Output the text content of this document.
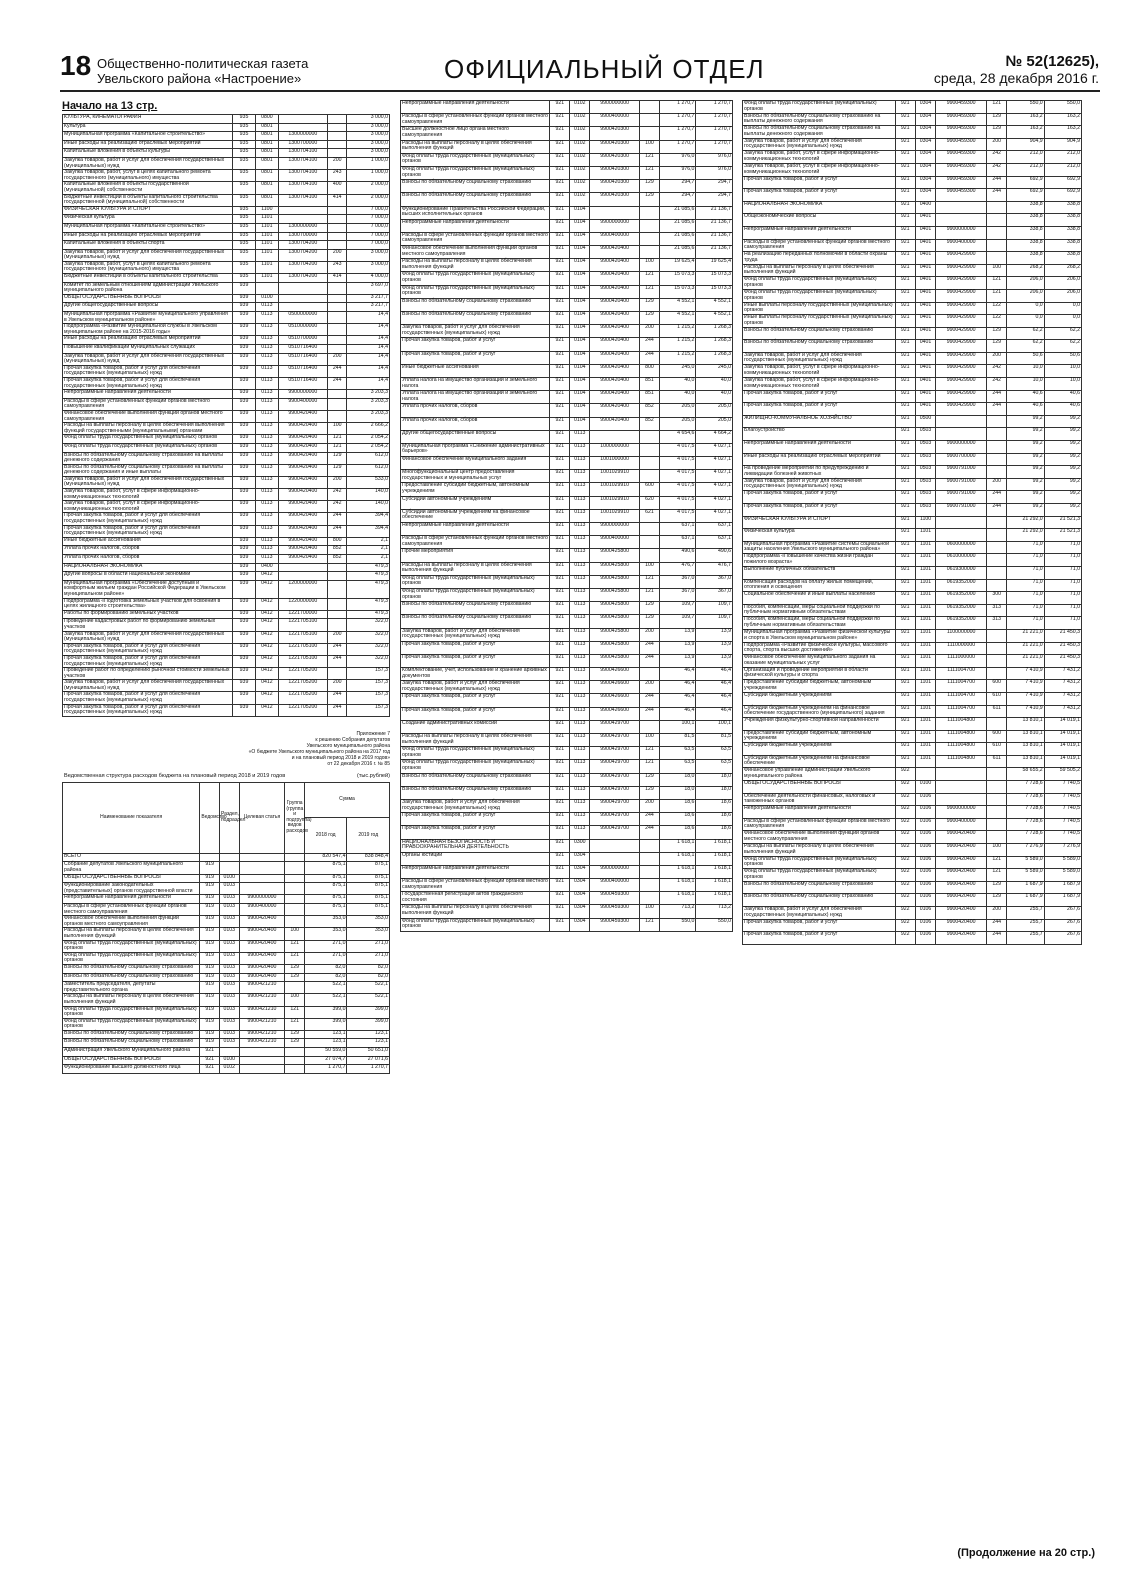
18 Общественно-политическая газета
Увельского района «Настроение»	ОФИЦИАЛЬНЫЙ ОТДЕЛ	№ 52(12625),
среда, 28 декабря 2016 г.
Начало на 13 стр.
КУЛЬТУРА, КИНЕМАТОГРАФИЯ	935	0800			3 000,0
Культура	935	0801			3 000,0
Муниципальная программа «Капитальное строительство»	935	0801	1300000000		3 000,0
Иные расходы на реализацию отраслевых мероприятий	935	0801	1300700000		3 000,0
Капитальные вложения в объекты культуры	935	0801	1300704100		3 000,0
Закупка товаров, работ и услуг для обеспечения государственных (муниципальных) нужд	935	0801	1300704100	200	1 000,0
Закупка товаров, работ, услуг в целях капитального ремонта государственного (муниципального) имущества	935	0801	1300704100	243	1 000,0
Капитальные вложения в объекты государственной (муниципальной) собственности	935	0801	1300704100	400	2 000,0
Бюджетные инвестиции в объекты капитального строительства государственной (муниципальной) собственности	935	0801	1300704100	414	2 000,0
ФИЗИЧЕСКАЯ КУЛЬТУРА И СПОРТ	935	1100			7 000,0
Физическая культура	935	1101			7 000,0
Муниципальная программа «Капитальное строительство»	935	1101	1300000000		7 000,0
Иные расходы на реализацию отраслевых мероприятий	935	1101	1300700000		7 000,0
Капитальные вложения в объекты спорта	935	1101	1300704200		7 000,0
Закупка товаров, работ и услуг для обеспечения государственных (муниципальных) нужд	935	1101	1300704200	200	3 000,0
Закупка товаров, работ, услуг в целях капитального ремонта государственного (муниципального) имущества	935	1101	1300704200	243	3 000,0
Бюджетные инвестиции в объекты капитального строительства	935	1101	1300704200	414	4 000,0
Комитет по земельным отношениям администрации Увельского муниципального района	939				3 697,0
ОБЩЕГОСУДАРСТВЕННЫЕ ВОПРОСЫ	939	0100			3 217,7
Другие общегосударственные вопросы	939	0113			3 217,7
Муниципальная программа «Развитие муниципального управления в Увельском муниципальном районе»	939	0113	0500000000		14,4
Подпрограмма «Развитие муниципальной службы в Увельском муниципальном районе на 2015-2016 годы»	939	0113	0510000000		14,4
Иные расходы на реализацию отраслевых мероприятий	939	0113	0510700000		14,4
Повышение квалификации муниципальных служащих	939	0113	0510716400		14,4
Закупка товаров, работ и услуг для обеспечения государственных (муниципальных) нужд	939	0113	0510716400	200	14,4
Прочая закупка товаров, работ и услуг для обеспечения государственных (муниципальных) нужд	939	0113	0510716400	244	14,4
Прочая закупка товаров, работ и услуг для обеспечения государственных (муниципальных) нужд	939	0113	0510716400	244	14,4
Непрограммные направления деятельности	939	0113	9900000000		3 203,3
Расходы в сфере установленных функций органов местного самоуправления	939	0113	9900400000		3 203,3
Финансовое обеспечение выполнения функций органов местного самоуправления	939	0113	9900420400		3 203,3
Расходы на выплаты персоналу в целях обеспечения выполнения функций государственными (муниципальными) органами	939	0113	9900420400	100	2 666,2
Фонд оплаты труда государственных (муниципальных) органов	939	0113	9900420400	121	2 054,2
Фонд оплаты труда государственных (муниципальных) органов	939	0113	9900420400	121	2 054,2
Взносы по обязательному социальному страхованию на выплаты денежного содержания	939	0113	9900420400	129	612,0
Взносы по обязательному социальному страхованию на выплаты денежного содержания и иные выплаты	939	0113	9900420400	129	612,0
Закупка товаров, работ и услуг для обеспечения государственных (муниципальных) нужд	939	0113	9900420400	200	533,0
Закупка товаров, работ, услуг в сфере информационно-коммуникационных технологий	939	0113	9900420400	242	140,0
Закупка товаров, работ, услуг в сфере информационно-коммуникационных технологий	939	0113	9900420400	242	140,0
Прочая закупка товаров, работ и услуг для обеспечения государственных (муниципальных) нужд	939	0113	9900420400	244	394,4
Прочая закупка товаров, работ и услуг для обеспечения государственных (муниципальных) нужд	939	0113	9900420400	244	394,4
Иные бюджетные ассигнования	939	0113	9900420400	800	2,1
Уплата прочих налогов, сборов	939	0113	9900420400	852	2,1
Уплата прочих налогов, сборов	939	0113	9900420400	852	2,1
НАЦИОНАЛЬНАЯ ЭКОНОМИКА	939	0400			479,3
Другие вопросы в области национальной экономики	939	0412			479,3
Муниципальная программа «Обеспечение доступным и комфортным жильем граждан Российской Федерации в Увельском муниципальном районе»	939	0412	1200000000		479,3
Подпрограмма «Подготовка земельных участков для освоения в целях жилищного строительства»	939	0412	1220000000		479,3
Работы по формированию земельных участков	939	0412	1221700000		479,3
Проведение кадастровых работ по формированию земельных участков	939	0412	1221705100		322,0
Закупка товаров, работ и услуг для обеспечения государственных (муниципальных) нужд	939	0412	1221705100	200	322,0
Прочая закупка товаров, работ и услуг для обеспечения государственных (муниципальных) нужд	939	0412	1221705100	244	322,0
Прочая закупка товаров, работ и услуг для обеспечения государственных (муниципальных) нужд	939	0412	1221705100	244	322,0
Проведение работ по определению рыночной стоимости земельных участков	939	0412	1221705200		157,3
Закупка товаров, работ и услуг для обеспечения государственных (муниципальных) нужд	939	0412	1221705200	200	157,3
Прочая закупка товаров, работ и услуг для обеспечения государственных (муниципальных) нужд	939	0412	1221705200	244	157,3
Прочая закупка товаров, работ и услуг для обеспечения государственных (муниципальных) нужд	939	0412	1221705200	244	157,3
Приложение 7
к решению Собрания депутатов
Увельского муниципального района
«О бюджете Увельского муниципального района на 2017 год
и на плановый период 2018 и 2019 годов»
от 22 декабря 2016 г. № 85
Ведомственная структура расходов бюджета на плановый период 2018 и 2019 годов	(тыс.рублей)
Наименование показателя	Ведомство	Раздел, подраздел	Целевая статья	Группа (группа и подгруппа) видов расходов	Сумма	
					2018 год	2019 год
ВСЕГО					820 547,4	838 848,4
Собрание депутатов Увельского муниципального района	919				875,1	875,1
ОБЩЕГОСУДАРСТВЕННЫЕ ВОПРОСЫ	919	0100			875,1	875,1
Функционирование законодательных (представительных) органов государственной власти	919	0103			875,1	875,1
Непрограммные направления деятельности	919	0103	9900000000		875,1	875,1
Расходы в сфере установленных функций органов местного самоуправления	919	0103	9900400000		875,1	875,1
Финансовое обеспечение выполнения функций органов местного самоуправления	919	0103	9900420400		353,0	353,0
Расходы на выплаты персоналу в целях обеспечения выполнения функций	919	0103	9900420400	100	353,0	353,0
Фонд оплаты труда государственных (муниципальных) органов	919	0103	9900420400	121	271,0	271,0
Фонд оплаты труда государственных (муниципальных) органов	919	0103	9900420400	121	271,0	271,0
Взносы по обязательному социальному страхованию	919	0103	9900420400	129	82,0	82,0
Взносы по обязательному социальному страхованию	919	0103	9900420400	129	82,0	82,0
Заместитель председателя, депутаты представительного органа	919	0103	9900421210		522,1	522,1
Расходы на выплаты персоналу в целях обеспечения выполнения функций	919	0103	9900421210	100	522,1	522,1
Фонд оплаты труда государственных (муниципальных) органов	919	0103	9900421210	121	399,0	399,0
Фонд оплаты труда государственных (муниципальных) органов	919	0103	9900421210	121	399,0	399,0
Взносы по обязательному социальному страхованию	919	0103	9900421210	129	123,1	123,1
Взносы по обязательному социальному страхованию	919	0103	9900421210	129	123,1	123,1
Администрация Увельского муниципального района	921				50 559,0	50 651,0
ОБЩЕГОСУДАРСТВЕННЫЕ ВОПРОСЫ	921	0100			27 074,7	27 071,6
Функционирование высшего должностного лица	921	0102			1 270,7	1 270,7
Непрограммные направления деятельности	921	0102	9900000000		1 270,7	1 270,7
Расходы в сфере установленных функций органов местного самоуправления	921	0102	9900400000		1 270,7	1 270,7
Высшее должностное лицо органа местного самоуправления	921	0102	9900420300		1 270,7	1 270,7
Расходы на выплаты персоналу в целях обеспечения выполнения функций	921	0102	9900420300	100	1 270,7	1 270,7
Фонд оплаты труда государственных (муниципальных) органов	921	0102	9900420300	121	976,0	976,0
Фонд оплаты труда государственных (муниципальных) органов	921	0102	9900420300	121	976,0	976,0
Взносы по обязательному социальному страхованию	921	0102	9900420300	129	294,7	294,7
Взносы по обязательному социальному страхованию	921	0102	9900420300	129	294,7	294,7
Функционирование Правительства Российской Федерации, высших исполнительных органов	921	0104			21 085,6	21 136,7
Непрограммные направления деятельности	921	0104	9900000000		21 085,6	21 136,7
Расходы в сфере установленных функций органов местного самоуправления	921	0104	9900400000		21 085,6	21 136,7
Финансовое обеспечение выполнения функций органов местного самоуправления	921	0104	9900420400		21 085,6	21 136,7
Расходы на выплаты персоналу в целях обеспечения выполнения функций	921	0104	9900420400	100	19 625,4	19 625,4
Фонд оплаты труда государственных (муниципальных) органов	921	0104	9900420400	121	15 073,3	15 073,3
Фонд оплаты труда государственных (муниципальных) органов	921	0104	9900420400	121	15 073,3	15 073,3
Взносы по обязательному социальному страхованию	921	0104	9900420400	129	4 552,1	4 552,1
Взносы по обязательному социальному страхованию	921	0104	9900420400	129	4 552,1	4 552,1
Закупка товаров, работ и услуг для обеспечения государственных (муниципальных) нужд	921	0104	9900420400	200	1 215,2	1 268,3
Прочая закупка товаров, работ и услуг	921	0104	9900420400	244	1 215,2	1 268,3
Прочая закупка товаров, работ и услуг	921	0104	9900420400	244	1 215,2	1 268,3
Иные бюджетные ассигнования	921	0104	9900420400	800	245,0	245,0
Уплата налога на имущество организаций и земельного налога	921	0104	9900420400	851	40,0	40,0
Уплата налога на имущество организаций и земельного налога	921	0104	9900420400	851	40,0	40,0
Уплата прочих налогов, сборов	921	0104	9900420400	852	205,0	205,0
Уплата прочих налогов, сборов	921	0104	9900420400	852	205,0	205,0
Другие общегосударственные вопросы	921	0113			4 654,6	4 664,2
Муниципальная программа «Снижение административных барьеров»	921	0113	1000000000		4 017,5	4 027,1
Финансовое обеспечение муниципального задания	921	0113	1001000000		4 017,5	4 027,1
Многофункциональный центр предоставления государственных и муниципальных услуг	921	0113	1001029910		4 017,5	4 027,1
Предоставление субсидий бюджетным, автономным учреждениям	921	0113	1001029910	600	4 017,5	4 027,1
Субсидии автономным учреждениям	921	0113	1001029910	620	4 017,5	4 027,1
Субсидии автономным учреждениям на финансовое обеспечение	921	0113	1001029910	621	4 017,5	4 027,1
Непрограммные направления деятельности	921	0113	9900000000		637,1	637,1
Расходы в сфере установленных функций органов местного самоуправления	921	0113	9900400000		637,1	637,1
Прочие мероприятия	921	0113	9900425800		490,6	490,6
Расходы на выплаты персоналу в целях обеспечения выполнения функций	921	0113	9900425800	100	476,7	476,7
Фонд оплаты труда государственных (муниципальных) органов	921	0113	9900425800	121	367,0	367,0
Фонд оплаты труда государственных (муниципальных) органов	921	0113	9900425800	121	367,0	367,0
Взносы по обязательному социальному страхованию	921	0113	9900425800	129	109,7	109,7
Взносы по обязательному социальному страхованию	921	0113	9900425800	129	109,7	109,7
Закупка товаров, работ и услуг для обеспечения государственных (муниципальных) нужд	921	0113	9900425800	200	13,9	13,9
Прочая закупка товаров, работ и услуг	921	0113	9900425800	244	13,9	13,9
Прочая закупка товаров, работ и услуг	921	0113	9900425800	244	13,9	13,9
Комплектование, учет, использование и хранение архивных документов	921	0113	9900426600		46,4	46,4
Закупка товаров, работ и услуг для обеспечения государственных (муниципальных) нужд	921	0113	9900426600	200	46,4	46,4
Прочая закупка товаров, работ и услуг	921	0113	9900426600	244	46,4	46,4
Прочая закупка товаров, работ и услуг	921	0113	9900426600	244	46,4	46,4
Создание административных комиссий	921	0113	9900429700		100,1	100,1
Расходы на выплаты персоналу в целях обеспечения выполнения функций	921	0113	9900429700	100	81,5	81,5
Фонд оплаты труда государственных (муниципальных) органов	921	0113	9900429700	121	63,5	63,5
Фонд оплаты труда государственных (муниципальных) органов	921	0113	9900429700	121	63,5	63,5
Взносы по обязательному социальному страхованию	921	0113	9900429700	129	18,0	18,0
Взносы по обязательному социальному страхованию	921	0113	9900429700	129	18,0	18,0
Закупка товаров, работ и услуг для обеспечения государственных (муниципальных) нужд	921	0113	9900429700	200	18,6	18,6
Прочая закупка товаров, работ и услуг	921	0113	9900429700	244	18,6	18,6
Прочая закупка товаров, работ и услуг	921	0113	9900429700	244	18,6	18,6
НАЦИОНАЛЬНАЯ БЕЗОПАСНОСТЬ И ПРАВООХРАНИТЕЛЬНАЯ ДЕЯТЕЛЬНОСТЬ	921	0300			1 618,1	1 618,1
Органы юстиции	921	0304			1 618,1	1 618,1
Непрограммные направления деятельности	921	0304	9900000000		1 618,1	1 618,1
Расходы в сфере установленных функций органов местного самоуправления	921	0304	9900400000		1 618,1	1 618,1
Государственная регистрация актов гражданского состояния	921	0304	9900459300		1 618,1	1 618,1
Расходы на выплаты персоналу в целях обеспечения выполнения функций	921	0304	9900459300	100	713,2	713,2
Фонд оплаты труда государственных (муниципальных) органов	921	0304	9900459300	121	550,0	550,0
Фонд оплаты труда государственных (муниципальных) органов	921	0304	9900459300	121	550,0	550,0
Взносы по обязательному социальному страхованию на выплаты денежного содержания	921	0304	9900459300	129	163,2	163,2
Взносы по обязательному социальному страхованию на выплаты денежного содержания	921	0304	9900459300	129	163,2	163,2
Закупка товаров, работ и услуг для обеспечения государственных (муниципальных) нужд	921	0304	9900459300	200	904,9	904,9
Закупка товаров, работ, услуг в сфере информационно-коммуникационных технологий	921	0304	9900459300	242	212,0	212,0
Закупка товаров, работ, услуг в сфере информационно-коммуникационных технологий	921	0304	9900459300	242	212,0	212,0
Прочая закупка товаров, работ и услуг	921	0304	9900459300	244	692,9	692,9
Прочая закупка товаров, работ и услуг	921	0304	9900459300	244	692,9	692,9
НАЦИОНАЛЬНАЯ ЭКОНОМИКА	921	0400			338,8	338,8
Общеэкономические вопросы	921	0401			338,8	338,8
Непрограммные направления деятельности	921	0401	9900000000		338,8	338,8
Расходы в сфере установленных функций органов местного самоуправления	921	0401	9900400000		338,8	338,8
На реализацию переданных полномочий в области охраны труда	921	0401	9900429900		338,8	338,8
Расходы на выплаты персоналу в целях обеспечения выполнения функций	921	0401	9900429900	100	268,2	268,2
Фонд оплаты труда государственных (муниципальных) органов	921	0401	9900429900	121	206,0	206,0
Фонд оплаты труда государственных (муниципальных) органов	921	0401	9900429900	121	206,0	206,0
Иные выплаты персоналу государственных (муниципальных) органов	921	0401	9900429900	122	0,0	0,0
Иные выплаты персоналу государственных (муниципальных) органов	921	0401	9900429900	122	0,0	0,0
Взносы по обязательному социальному страхованию	921	0401	9900429900	129	62,2	62,2
Взносы по обязательному социальному страхованию	921	0401	9900429900	129	62,2	62,2
Закупка товаров, работ и услуг для обеспечения государственных (муниципальных) нужд	921	0401	9900429900	200	50,6	50,6
Закупка товаров, работ, услуг в сфере информационно-коммуникационных технологий	921	0401	9900429900	242	10,0	10,0
Закупка товаров, работ, услуг в сфере информационно-коммуникационных технологий	921	0401	9900429900	242	10,0	10,0
Прочая закупка товаров, работ и услуг	921	0401	9900429900	244	40,6	40,6
Прочая закупка товаров, работ и услуг	921	0401	9900429900	244	40,6	40,6
ЖИЛИЩНО-КОММУНАЛЬНОЕ ХОЗЯЙСТВО	921	0500			99,2	99,2
Благоустройство	921	0503			99,2	99,2
Непрограммные направления деятельности	921	0503	9900000000		99,2	99,2
Иные расходы на реализацию отраслевых мероприятий	921	0503	9900700000		99,2	99,2
На проведение мероприятий по предупреждению и ликвидации болезней животных	921	0503	9900791000		99,2	99,2
Закупка товаров, работ и услуг для обеспечения государственных (муниципальных) нужд	921	0503	9900791000	200	99,2	99,2
Прочая закупка товаров, работ и услуг	921	0503	9900791000	244	99,2	99,2
Прочая закупка товаров, работ и услуг	921	0503	9900791000	244	99,2	99,2
ФИЗИЧЕСКАЯ КУЛЬТУРА И СПОРТ	921	1100			21 292,0	21 521,3
Физическая культура	921	1101			21 292,0	21 521,3
Муниципальная программа «Развитие системы социальной защиты населения Увельского муниципального района»	921	1101	0600000000		71,0	71,0
Подпрограмма «Повышение качества жизни граждан пожилого возраста»	921	1101	0610000000		71,0	71,0
Выполнение публичных обязательств	921	1101	0619300000		71,0	71,0
Компенсация расходов на оплату жилых помещений, отопления и освещения	921	1101	0619352000		71,0	71,0
Социальное обеспечение и иные выплаты населению	921	1101	0619352000	300	71,0	71,0
Пособия, компенсации, меры социальной поддержки по публичным нормативным обязательствам	921	1101	0619352000	313	71,0	71,0
Пособия, компенсации, меры социальной поддержки по публичным нормативным обязательствам	921	1101	0619352000	313	71,0	71,0
Муниципальная программа «Развитие физической культуры и спорта в Увельском муниципальном районе»	921	1101	1100000000		21 221,0	21 450,3
Подпрограмма «Развитие физической культуры, массового спорта, спорта высших достижений»	921	1101	1110000000		21 221,0	21 450,3
Финансовое обеспечение муниципального задания на оказание муниципальных услуг	921	1101	1111000000		21 221,0	21 450,3
Организация и проведение мероприятий в области физической культуры и спорта	921	1101	1111004700		7 410,9	7 431,2
Предоставление субсидий бюджетным, автономным учреждениям	921	1101	1111004700	600	7 410,9	7 431,2
Субсидии бюджетным учреждениям	921	1101	1111004700	610	7 410,9	7 431,2
Субсидии бюджетным учреждениям на финансовое обеспечение государственного (муниципального) задания	921	1101	1111004700	611	7 410,9	7 431,2
Учреждения физкультурно-спортивной направленности	921	1101	1111004800		13 810,1	14 019,1
Предоставление субсидий бюджетным, автономным учреждениям	921	1101	1111004800	600	13 810,1	14 019,1
Субсидии бюджетным учреждениям	921	1101	1111004800	610	13 810,1	14 019,1
Субсидии бюджетным учреждениям на финансовое обеспечение	921	1101	1111004800	611	13 810,1	14 019,1
Финансовое управление администрации Увельского муниципального района	922				58 655,2	59 505,2
ОБЩЕГОСУДАРСТВЕННЫЕ ВОПРОСЫ	922	0100			7 728,6	7 740,5
Обеспечение деятельности финансовых, налоговых и таможенных органов	922	0106			7 728,6	7 740,5
Непрограммные направления деятельности	922	0106	9900000000		7 728,6	7 740,5
Расходы в сфере установленных функций органов местного самоуправления	922	0106	9900400000		7 728,6	7 740,5
Финансовое обеспечение выполнения функций органов местного самоуправления	922	0106	9900420400		7 728,6	7 740,5
Расходы на выплаты персоналу в целях обеспечения выполнения функций	922	0106	9900420400	100	7 276,9	7 276,9
Фонд оплаты труда государственных (муниципальных) органов	922	0106	9900420400	121	5 589,0	5 589,0
Фонд оплаты труда государственных (муниципальных) органов	922	0106	9900420400	121	5 589,0	5 589,0
Взносы по обязательному социальному страхованию	922	0106	9900420400	129	1 687,9	1 687,9
Взносы по обязательному социальному страхованию	922	0106	9900420400	129	1 687,9	1 687,9
Закупка товаров, работ и услуг для обеспечения государственных (муниципальных) нужд	922	0106	9900420400	200	255,7	267,6
Прочая закупка товаров, работ и услуг	922	0106	9900420400	244	255,7	267,6
Прочая закупка товаров, работ и услуг	922	0106	9900420400	244	255,7	267,6
(Продолжение на 20 стр.)
